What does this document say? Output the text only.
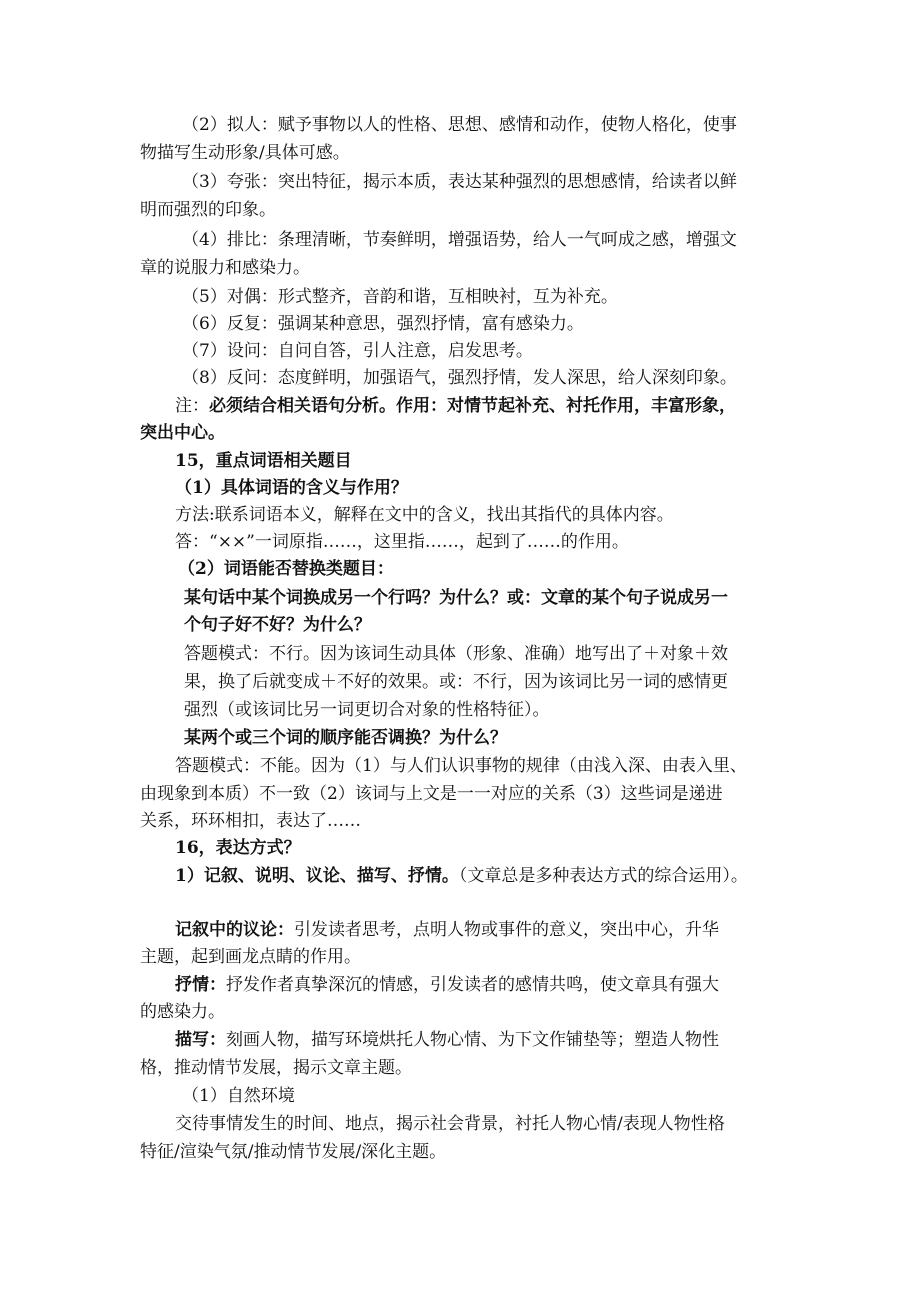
（2）拟人：赋予事物以人的性格、思想、感情和动作，使物人格化，使事
物描写生动形象/具体可感。
（3）夸张：突出特征，揭示本质，表达某种强烈的思想感情，给读者以鲜
明而强烈的印象。
（4）排比：条理清晰，节奏鲜明，增强语势，给人一气呵成之感，增强文
章的说服力和感染力。
（5）对偶：形式整齐，音韵和谐，互相映衬，互为补充。
（6）反复：强调某种意思，强烈抒情，富有感染力。
（7）设问：自问自答，引人注意，启发思考。
（8）反问：态度鲜明，加强语气，强烈抒情，发人深思，给人深刻印象。
注：必须结合相关语句分析。作用：对情节起补充、衬托作用，丰富形象，
突出中心。
15，重点词语相关题目
（1）具体词语的含义与作用？
方法:联系词语本义，解释在文中的含义，找出其指代的具体内容。
答：“××”一词原指……，这里指……，起到了……的作用。
（2）词语能否替换类题目：
某句话中某个词换成另一个行吗？为什么？或：文章的某个句子说成另一
个句子好不好？为什么？
答题模式：不行。因为该词生动具体（形象、准确）地写出了＋对象＋效
果，换了后就变成＋不好的效果。或：不行，因为该词比另一词的感情更
强烈（或该词比另一词更切合对象的性格特征）。
某两个或三个词的顺序能否调换？为什么？
答题模式：不能。因为（1）与人们认识事物的规律（由浅入深、由表入里、
由现象到本质）不一致（2）该词与上文是一一对应的关系（3）这些词是递进
关系，环环相扣，表达了……
16，表达方式？
1）记叙、说明、议论、描写、抒情。（文章总是多种表达方式的综合运用）。
记叙中的议论：引发读者思考，点明人物或事件的意义，突出中心，升华
主题，起到画龙点睛的作用。
抒情：抒发作者真挚深沉的情感，引发读者的感情共鸣，使文章具有强大
的感染力。
描写：刻画人物，描写环境烘托人物心情、为下文作铺垫等；塑造人物性
格，推动情节发展，揭示文章主题。
（1）自然环境
交待事情发生的时间、地点，揭示社会背景，衬托人物心情/表现人物性格
特征/渲染气氛/推动情节发展/深化主题。
